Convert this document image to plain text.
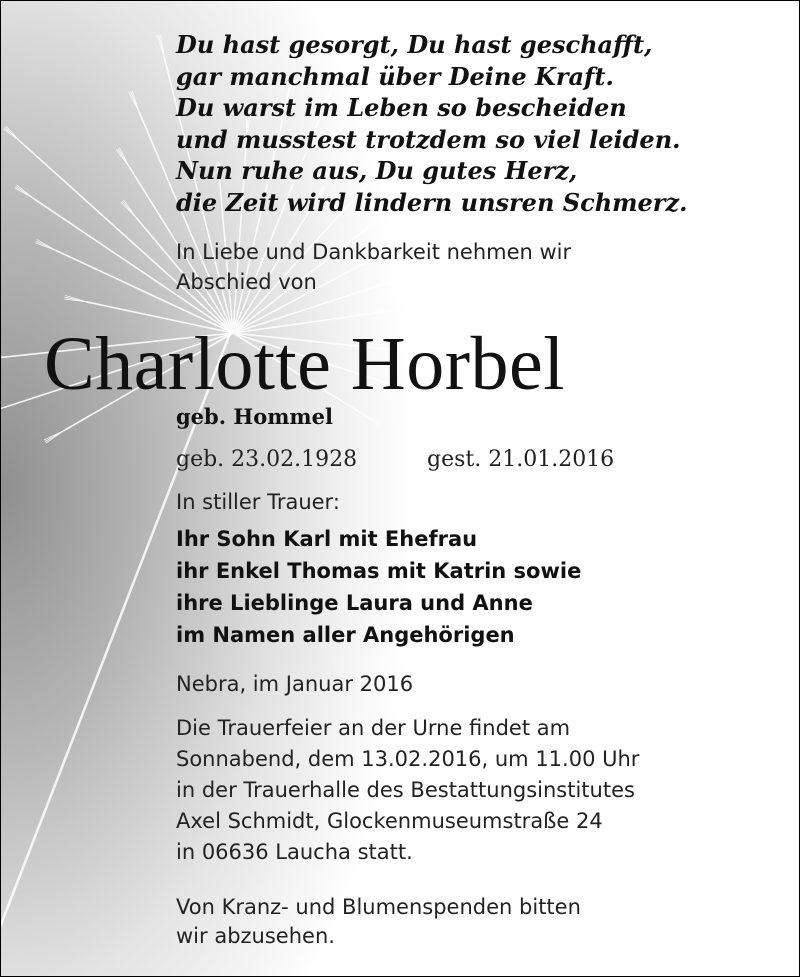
Du hast gesorgt, Du hast geschafft,
gar manchmal über Deine Kraft.
Du warst im Leben so bescheiden
und musstest trotzdem so viel leiden.
Nun ruhe aus, Du gutes Herz,
die Zeit wird lindern unsren Schmerz.
In Liebe und Dankbarkeit nehmen wir
Abschied von
Charlotte Horbel
geb. Hommel
geb. 23.02.1928	gest. 21.01.2016
In stiller Trauer:
Ihr Sohn Karl mit Ehefrau
ihr Enkel Thomas mit Katrin sowie
ihre Lieblinge Laura und Anne
im Namen aller Angehörigen
Nebra, im Januar 2016
Die Trauerfeier an der Urne findet am
Sonnabend, dem 13.02.2016, um 11.00 Uhr
in der Trauerhalle des Bestattungsinstitutes
Axel Schmidt, Glockenmuseumstraße 24
in 06636 Laucha statt.
Von Kranz- und Blumenspenden bitten
wir abzusehen.
